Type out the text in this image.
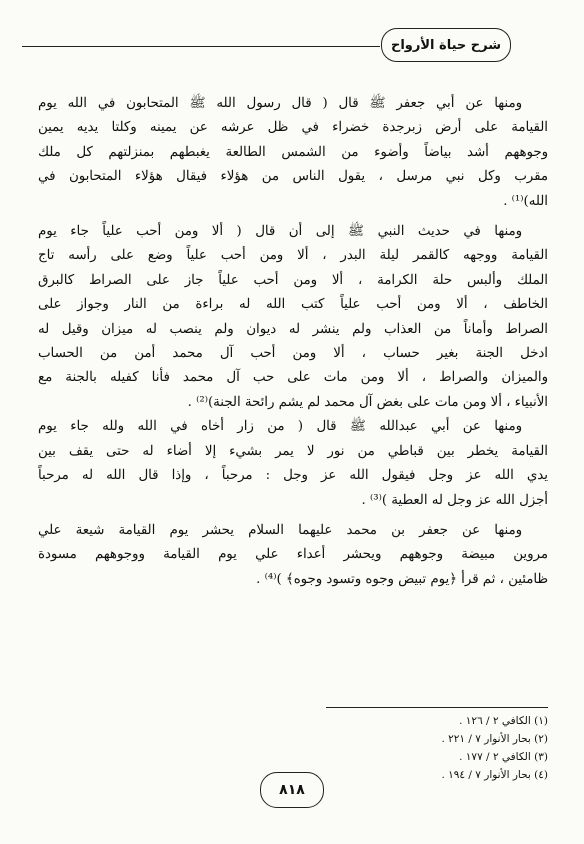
شرح حياة الأرواح
ومنها عن أبي جعفر ﷺ قال ( قال رسول الله ﷺ المتحابون في الله يوم
القيامة على أرض زبرجدة خضراء في ظل عرشه عن يمينه وكلتا يديه يمين
وجوههم أشد بياضاً وأضوء من الشمس الطالعة يغبطهم بمنزلتهم كل ملك
مقرب وكل نبي مرسل ، يقول الناس من هؤلاء فيقال هؤلاء المتحابون في
الله)⁽¹⁾ .
ومنها في حديث النبي ﷺ إلى أن قال ( ألا ومن أحب علياً جاء يوم
القيامة ووجهه كالقمر ليلة البدر ، ألا ومن أحب علياً وضع على رأسه تاج
الملك وألبس حلة الكرامة ، ألا ومن أحب علياً جاز على الصراط كالبرق
الخاطف ، ألا ومن أحب علياً كتب الله له براءة من النار وجواز على
الصراط وأماناً من العذاب ولم ينشر له ديوان ولم ينصب له ميزان وقيل له
ادخل الجنة بغير حساب ، ألا ومن أحب آل محمد أمن من الحساب
والميزان والصراط ، ألا ومن مات على حب آل محمد فأنا كفيله بالجنة مع
الأنبياء ، ألا ومن مات على بغض آل محمد لم يشم رائحة الجنة)⁽²⁾ .
ومنها عن أبي عبدالله ﷺ قال ( من زار أخاه في الله ولله جاء يوم
القيامة يخطر بين قباطي من نور لا يمر بشيء إلا أضاء له حتى يقف بين
يدي الله عز وجل فيقول الله عز وجل : مرحباً ، وإذا قال الله له مرحباً
أجزل الله عز وجل له العطية )⁽³⁾ .
ومنها عن جعفر بن محمد عليهما السلام يحشر يوم القيامة شيعة علي
مروين مبيضة وجوههم ويحشر أعداء علي يوم القيامة ووجوههم مسودة
ظامئين ، ثم قرأ ﴿يوم تبيض وجوه وتسود وجوه﴾ )⁽⁴⁾ .
(١) الكافي ٢ / ١٢٦ .
(٢) بحار الأنوار ٧ / ٢٢١ .
(٣) الكافي ٢ / ١٧٧ .
(٤) بحار الأنوار ٧ / ١٩٤ .
٨١٨
